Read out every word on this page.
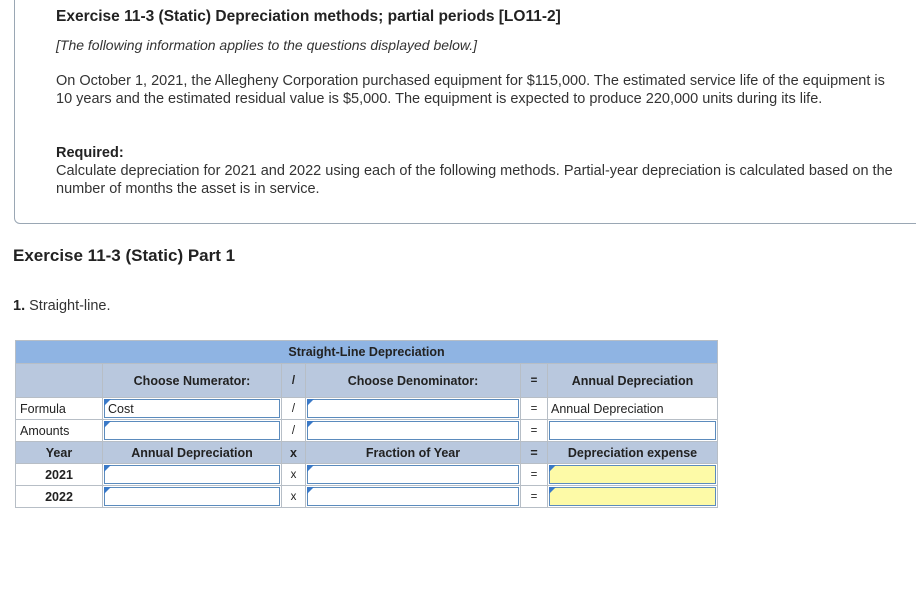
Exercise 11-3 (Static) Depreciation methods; partial periods [LO11-2]
[The following information applies to the questions displayed below.]
On October 1, 2021, the Allegheny Corporation purchased equipment for $115,000. The estimated service life of the equipment is 10 years and the estimated residual value is $5,000. The equipment is expected to produce 220,000 units during its life.
Required:
Calculate depreciation for 2021 and 2022 using each of the following methods. Partial-year depreciation is calculated based on the number of months the asset is in service.
Exercise 11-3 (Static) Part 1
1. Straight-line.
Straight-Line Depreciation					
	Choose Numerator:	/	Choose Denominator:	=	Annual Depreciation
Formula	Cost	/		=	Annual Depreciation
Amounts		/		=	

Year	Annual Depreciation	x	Fraction of Year	=	Depreciation expense
2021		x		=	

2022		x		=	
